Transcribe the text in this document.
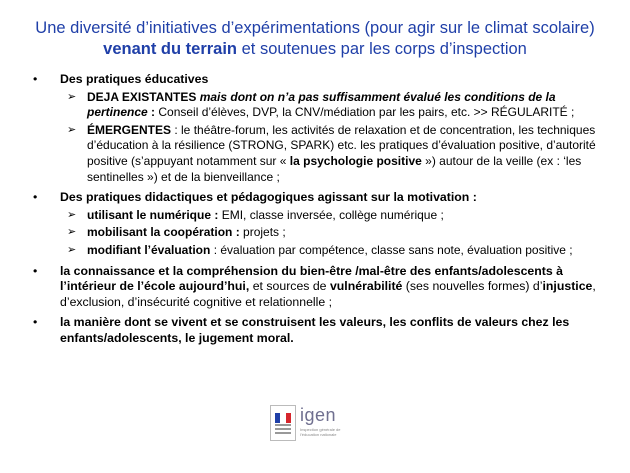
Une diversité d’initiatives d’expérimentations (pour agir sur le climat scolaire)
venant du terrain et soutenues par les corps d’inspection
• Des pratiques éducatives
➢ DEJA EXISTANTES mais dont on n’a pas suffisamment évalué les conditions de la pertinence : Conseil d’élèves, DVP, la CNV/médiation par les pairs, etc. >> RÉGULARITÉ ;
➢ ÉMERGENTES : le théâtre-forum, les activités de relaxation et de concentration, les techniques d’éducation à la résilience (STRONG, SPARK) etc. les pratiques d’évaluation positive, d’autorité positive (s’appuyant notamment sur « la psychologie positive ») autour de la veille (ex : ‘les sentinelles ») et de la bienveillance ;
• Des pratiques didactiques et pédagogiques agissant sur la motivation :
➢ utilisant le numérique : EMI, classe inversée, collège numérique ;
➢ mobilisant la coopération : projets ;
➢ modifiant l’évaluation : évaluation par compétence, classe sans note, évaluation positive ;
• la connaissance et la compréhension du bien-être /mal-être des enfants/adolescents à l’intérieur de l’école aujourd’hui, et sources de vulnérabilité (ses nouvelles formes) d’injustice, d’exclusion, d’insécurité cognitive et relationnelle ;
• la manière dont se vivent et se construisent les valeurs, les conflits de valeurs chez les enfants/adolescents, le jugement moral.
igen
Inspection générale de l’éducation nationale
